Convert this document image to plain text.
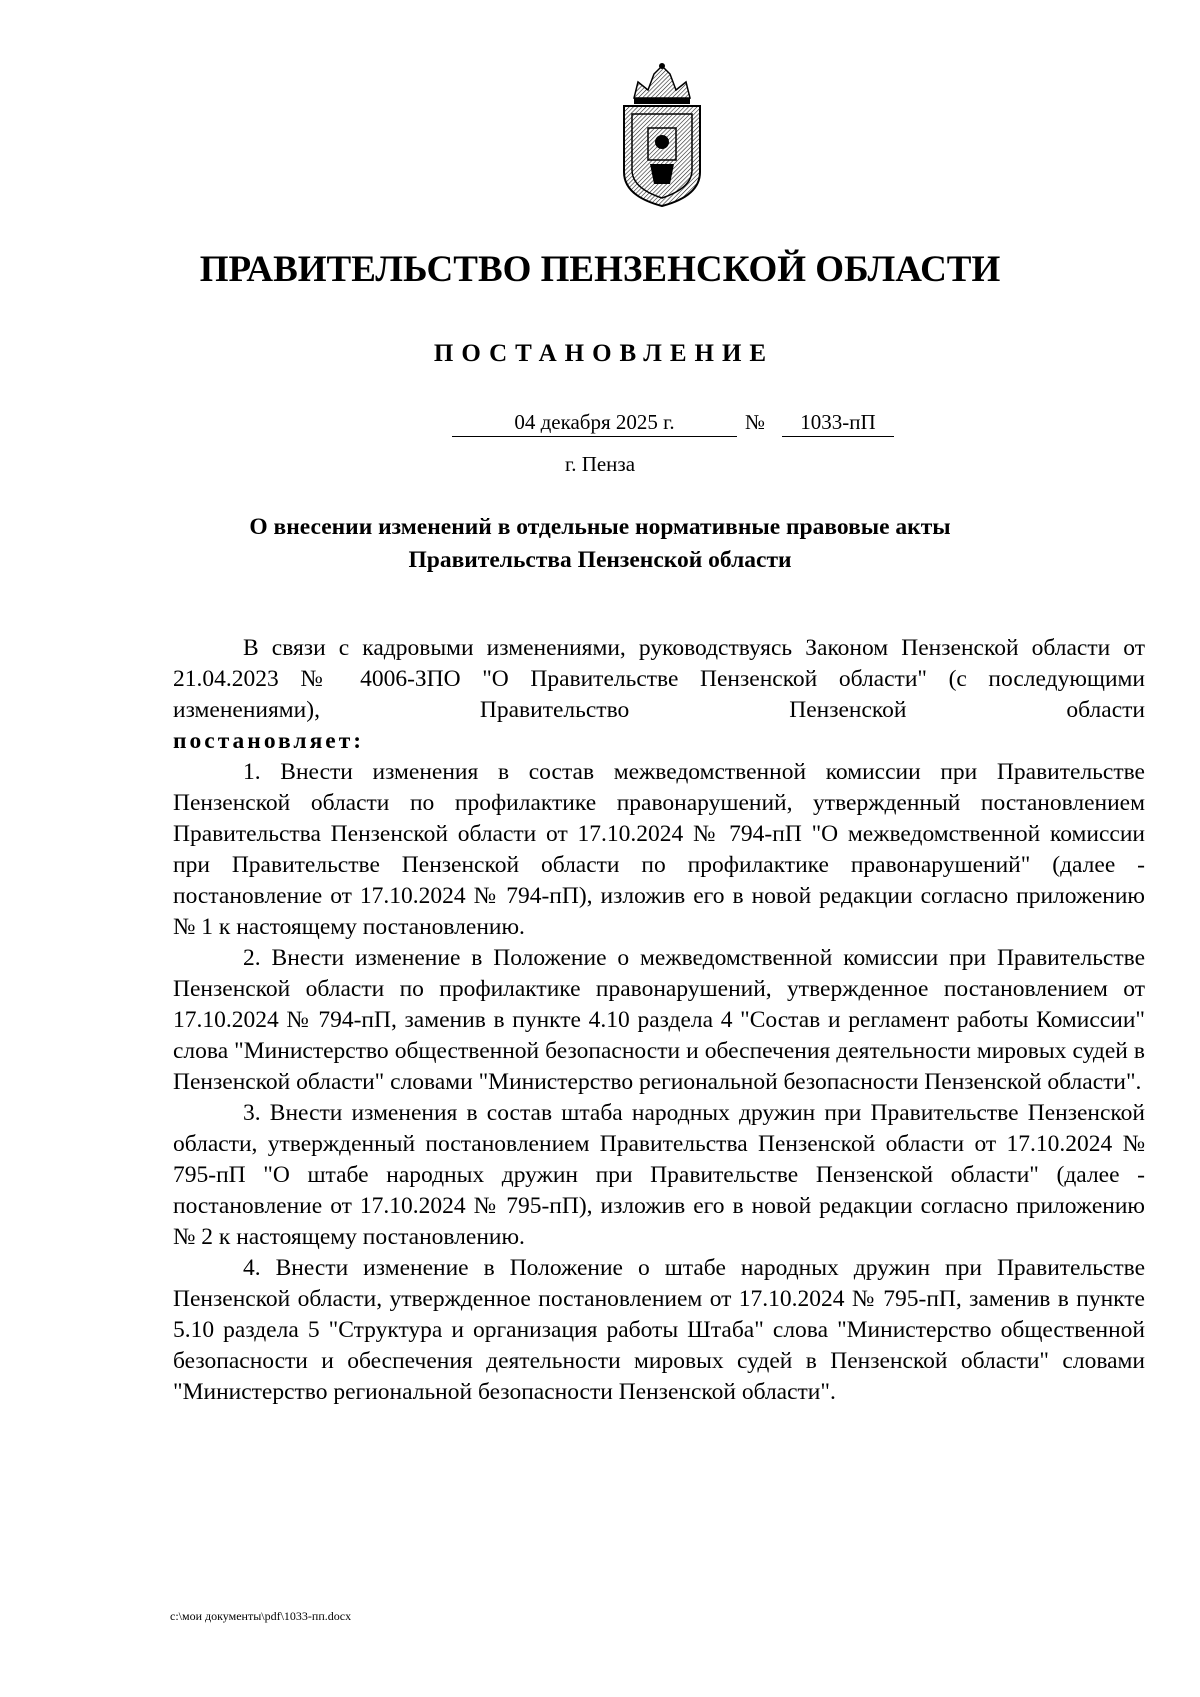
ПРАВИТЕЛЬСТВО ПЕНЗЕНСКОЙ ОБЛАСТИ
ПОСТАНОВЛЕНИЕ
04 декабря 2025 г.	№	1033-пП
г. Пенза
О внесении изменений в отдельные нормативные правовые акты
Правительства Пензенской области

В связи с кадровыми изменениями, руководствуясь Законом Пензенской области от 21.04.2023 № 4006-ЗПО "О Правительстве Пензенской области" (с последующими изменениями), Правительство Пензенской области

постановляет:

1. Внести изменения в состав межведомственной комиссии при Правительстве Пензенской области по профилактике правонарушений, утвержденный постановлением Правительства Пензенской области от 17.10.2024 № 794-пП "О межведомственной комиссии при Правительстве Пензенской области по профилактике правонарушений" (далее - постановление от 17.10.2024 № 794-пП), изложив его в новой редакции согласно приложению № 1 к настоящему постановлению.

2. Внести изменение в Положение о межведомственной комиссии при Правительстве Пензенской области по профилактике правонарушений, утвержденное постановлением от 17.10.2024 № 794-пП, заменив в пункте 4.10 раздела 4 "Состав и регламент работы Комиссии" слова "Министерство общественной безопасности и обеспечения деятельности мировых судей в Пензенской области" словами "Министерство региональной безопасности Пензенской области".

3. Внести изменения в состав штаба народных дружин при Правительстве Пензенской области, утвержденный постановлением Правительства Пензенской области от 17.10.2024 № 795-пП "О штабе народных дружин при Правительстве Пензенской области" (далее - постановление от 17.10.2024 № 795-пП), изложив его в новой редакции согласно приложению № 2 к настоящему постановлению.

4. Внести изменение в Положение о штабе народных дружин при Правительстве Пензенской области, утвержденное постановлением от 17.10.2024 № 795-пП, заменив в пункте 5.10 раздела 5 "Структура и организация работы Штаба" слова "Министерство общественной безопасности и обеспечения деятельности мировых судей в Пензенской области" словами "Министерство региональной безопасности Пензенской области".

c:\мои документы\pdf\1033-пп.docx
